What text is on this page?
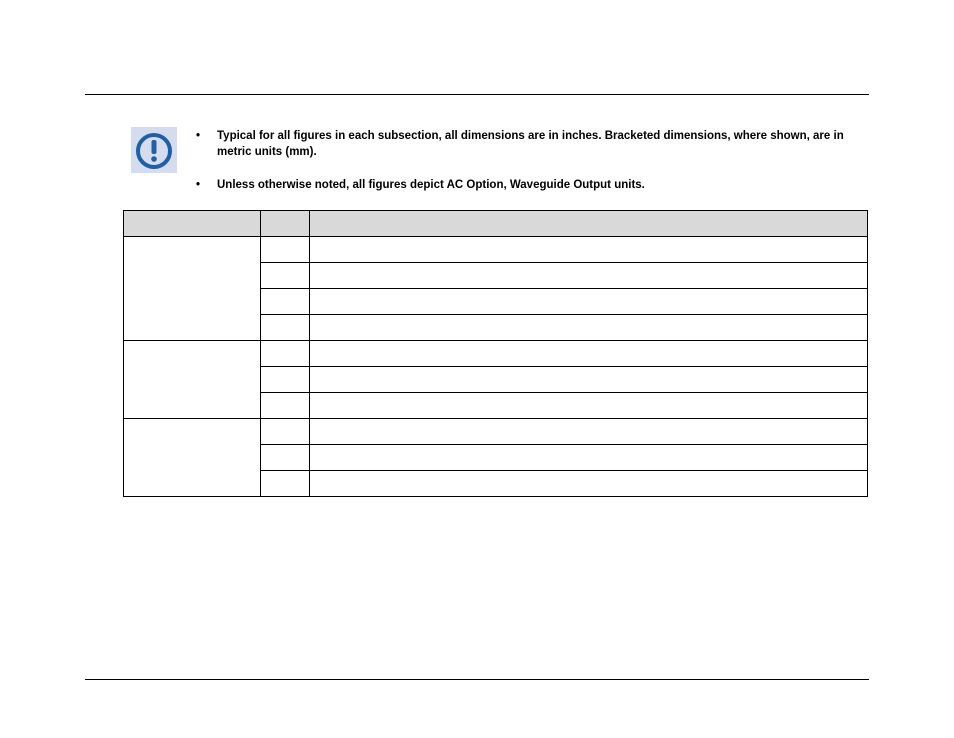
• Typical for all figures in each subsection, all dimensions are in inches. Bracketed dimensions, where shown, are in metric units (mm).
• Unless otherwise noted, all figures depict AC Option, Waveguide Output units.
